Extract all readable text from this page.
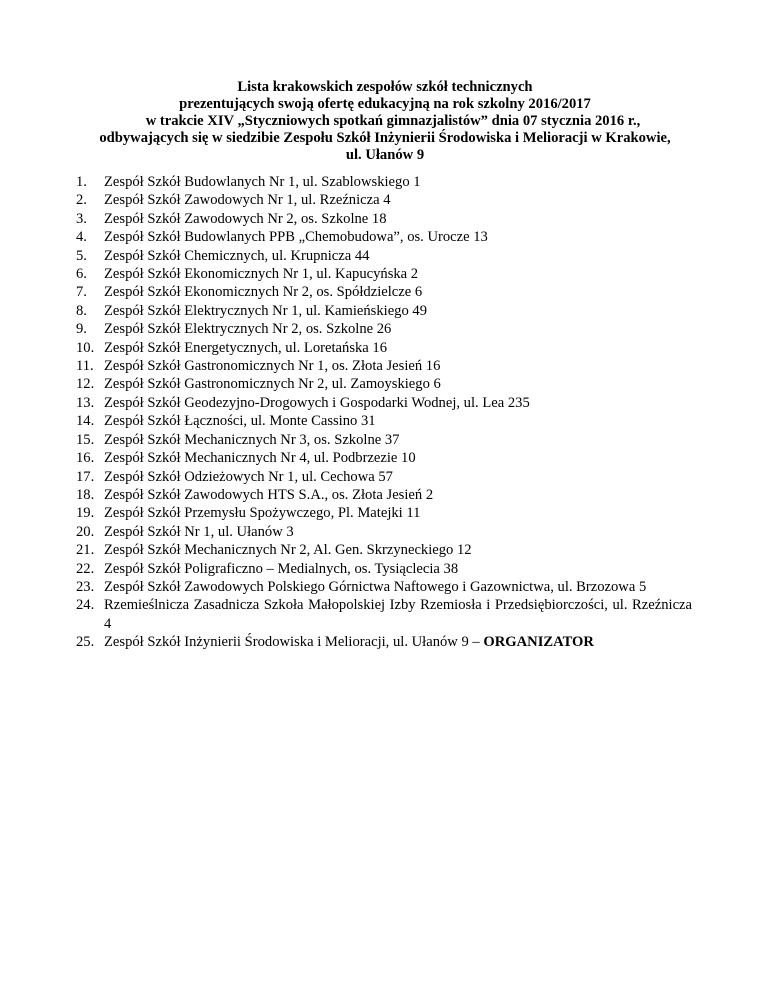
Lista krakowskich zespołów szkół technicznych
prezentujących swoją ofertę edukacyjną na rok szkolny 2016/2017
w trakcie XIV „Styczniowych spotkań gimnazjalistów” dnia 07 stycznia 2016 r.,
odbywających się w siedzibie Zespołu Szkół Inżynierii Środowiska i Melioracji w Krakowie,
ul. Ułanów 9
1.	Zespół Szkół Budowlanych Nr 1, ul. Szablowskiego 1
2.	Zespół Szkół Zawodowych Nr 1, ul. Rzeźnicza 4
3.	Zespół Szkół Zawodowych Nr 2, os. Szkolne 18
4.	Zespół Szkół Budowlanych PPB „Chemobudowa”, os. Urocze 13
5.	Zespół Szkół Chemicznych, ul. Krupnicza 44
6.	Zespół Szkół Ekonomicznych Nr 1, ul. Kapucyńska 2
7.	Zespół Szkół Ekonomicznych Nr 2, os. Spółdzielcze 6
8.	Zespół Szkół Elektrycznych Nr 1, ul. Kamieńskiego 49
9.	Zespół Szkół Elektrycznych Nr 2, os. Szkolne 26
10. Zespół Szkół Energetycznych, ul. Loretańska 16
11. Zespół Szkół Gastronomicznych Nr 1, os. Złota Jesień 16
12. Zespół Szkół Gastronomicznych Nr 2, ul. Zamoyskiego 6
13. Zespół Szkół Geodezyjno-Drogowych i Gospodarki Wodnej, ul. Lea 235
14. Zespół Szkół Łączności, ul. Monte Cassino 31
15. Zespół Szkół Mechanicznych Nr 3, os. Szkolne 37
16. Zespół Szkół Mechanicznych Nr 4, ul. Podbrzezie 10
17. Zespół Szkół Odzieżowych Nr 1, ul. Cechowa 57
18. Zespół Szkół Zawodowych HTS S.A., os. Złota Jesień 2
19. Zespół Szkół Przemysłu Spożywczego, Pl. Matejki 11
20. Zespół Szkół Nr 1, ul. Ułanów 3
21. Zespół Szkół Mechanicznych Nr 2, Al. Gen. Skrzyneckiego 12
22. Zespół Szkół Poligraficzno – Medialnych, os. Tysiąclecia 38
23. Zespół Szkół Zawodowych Polskiego Górnictwa Naftowego i Gazownictwa, ul. Brzozowa 5
24. Rzemieślnicza Zasadnicza Szkoła Małopolskiej Izby Rzemiosła i Przedsiębiorczości, ul. Rzeźnicza 4
25. Zespół Szkół Inżynierii Środowiska i Melioracji, ul. Ułanów 9 – ORGANIZATOR
